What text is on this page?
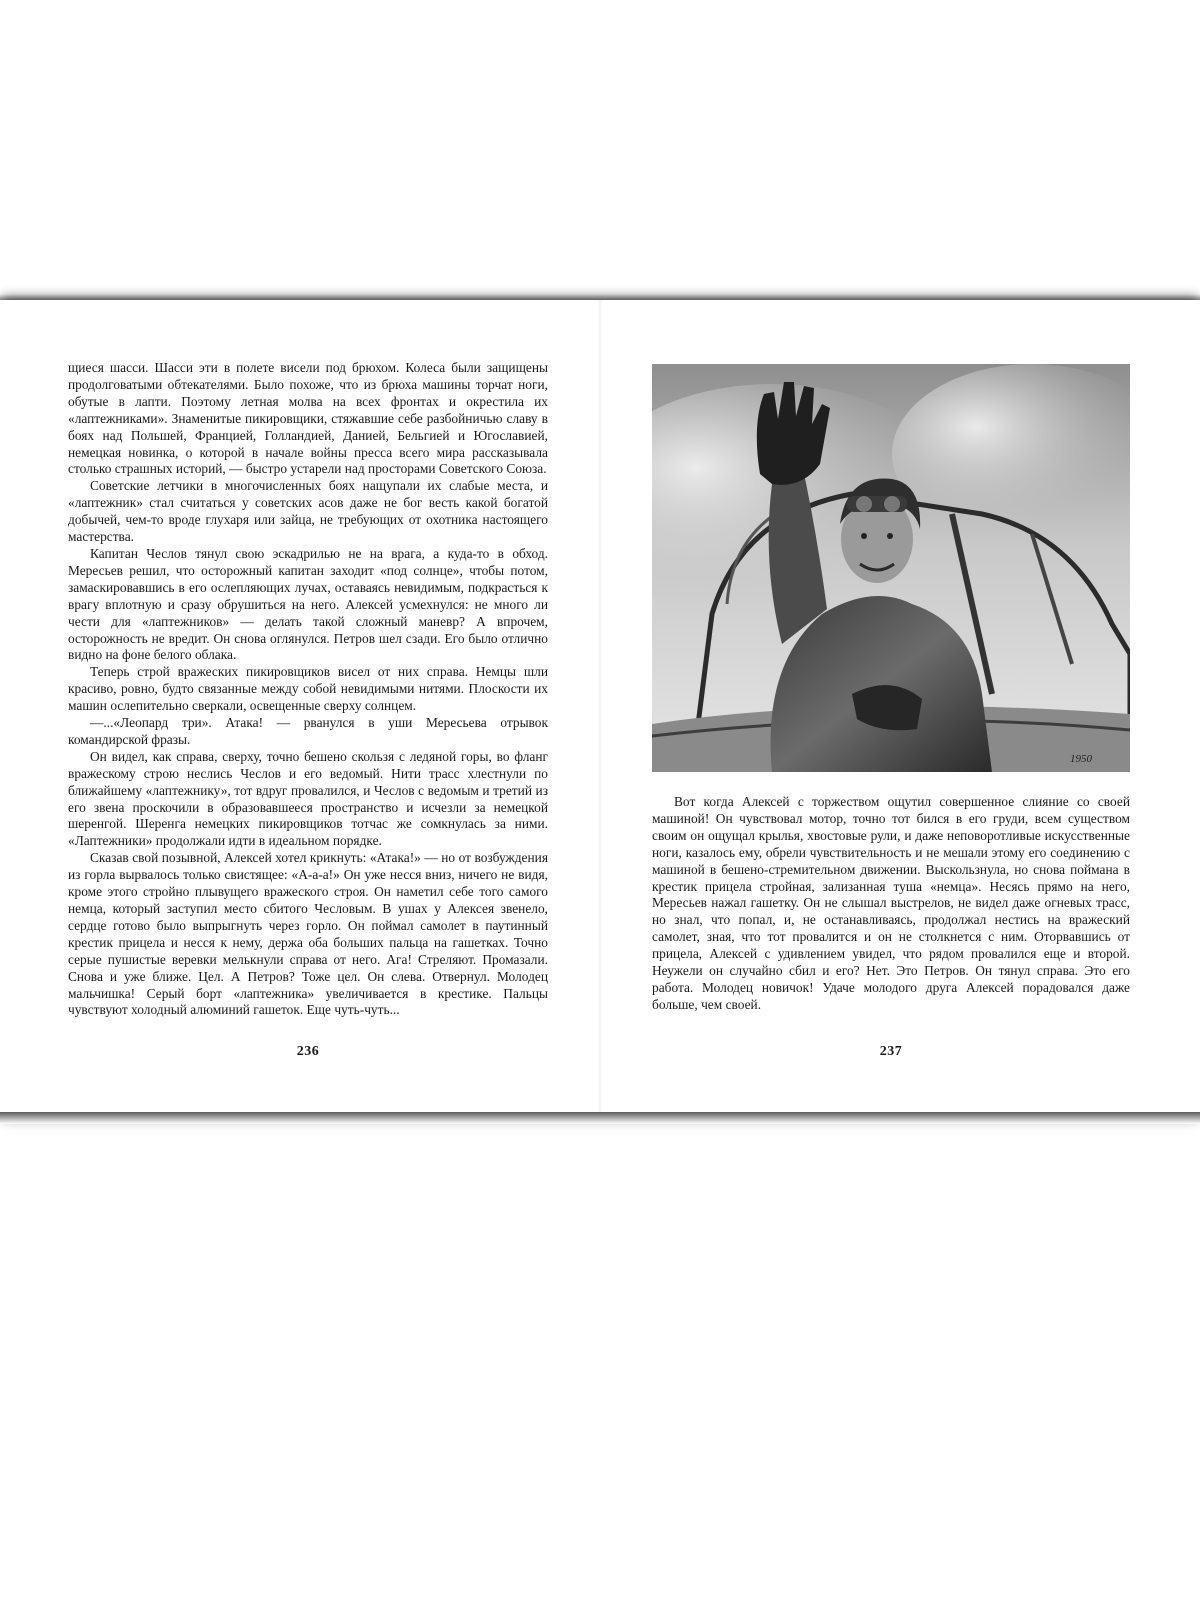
щиеся шасси. Шасси эти в полете висели под брюхом. Колеса были защищены продолговатыми обтекателями. Было похоже, что из брюха машины торчат ноги, обутые в лапти. Поэтому летная молва на всех фронтах и окрестила их «лаптежниками». Знаменитые пикировщики, стяжавшие себе разбойничью славу в боях над Польшей, Францией, Голландией, Данией, Бельгией и Югославией, немецкая новинка, о которой в начале войны пресса всего мира рассказывала столько страшных историй, — быстро устарели над просторами Советского Союза.

Советские летчики в многочисленных боях нащупали их слабые места, и «лаптежник» стал считаться у советских асов даже не бог весть какой богатой добычей, чем-то вроде глухаря или зайца, не требующих от охотника настоящего мастерства.

Капитан Чеслов тянул свою эскадрилью не на врага, а куда-то в обход. Мересьев решил, что осторожный капитан заходит «под солнце», чтобы потом, замаскировавшись в его ослепляющих лучах, оставаясь невидимым, подкрасться к врагу вплотную и сразу обрушиться на него. Алексей усмехнулся: не много ли чести для «лаптежников» — делать такой сложный маневр? А впрочем, осторожность не вредит. Он снова оглянулся. Петров шел сзади. Его было отлично видно на фоне белого облака.

Теперь строй вражеских пикировщиков висел от них справа. Немцы шли красиво, ровно, будто связанные между собой невидимыми нитями. Плоскости их машин ослепительно сверкали, освещенные сверху солнцем.

—...«Леопард три». Атака! — рванулся в уши Мересьева отрывок командирской фразы.

Он видел, как справа, сверху, точно бешено скользя с ледяной горы, во фланг вражескому строю неслись Чеслов и его ведомый. Нити трасс хлестнули по ближайшему «лаптежнику», тот вдруг провалился, и Чеслов с ведомым и третий из его звена проскочили в образовавшееся пространство и исчезли за немецкой шеренгой. Шеренга немецких пикировщиков тотчас же сомкнулась за ними. «Лаптежники» продолжали идти в идеальном порядке.

Сказав свой позывной, Алексей хотел крикнуть: «Атака!» — но от возбуждения из горла вырвалось только свистящее: «А-а-а!» Он уже несся вниз, ничего не видя, кроме этого стройно плывущего вражеского строя. Он наметил себе того самого немца, который заступил место сбитого Чесловым. В ушах у Алексея звенело, сердце готово было выпрыгнуть через горло. Он поймал самолет в паутинный крестик прицела и несся к нему, держа оба больших пальца на гашетках. Точно серые пушистые веревки мелькнули справа от него. Ага! Стреляют. Промазали. Снова и уже ближе. Цел. А Петров? Тоже цел. Он слева. Отвернул. Молодец мальчишка! Серый борт «лаптежника» увеличивается в крестике. Пальцы чувствуют холодный алюминий гашеток. Еще чуть-чуть...

236
1950

Вот когда Алексей с торжеством ощутил совершенное слияние со своей машиной! Он чувствовал мотор, точно тот бился в его груди, всем существом своим он ощущал крылья, хвостовые рули, и даже неповоротливые искусственные ноги, казалось ему, обрели чувствительность и не мешали этому его соединению с машиной в бешено-стремительном движении. Выскользнула, но снова поймана в крестик прицела стройная, зализанная туша «немца». Несясь прямо на него, Мересьев нажал гашетку. Он не слышал выстрелов, не видел даже огневых трасс, но знал, что попал, и, не останавливаясь, продолжал нестись на вражеский самолет, зная, что тот провалится и он не столкнется с ним. Оторвавшись от прицела, Алексей с удивлением увидел, что рядом провалился еще и второй. Неужели он случайно сбил и его? Нет. Это Петров. Он тянул справа. Это его работа. Молодец новичок! Удаче молодого друга Алексей порадовался даже больше, чем своей.

237
